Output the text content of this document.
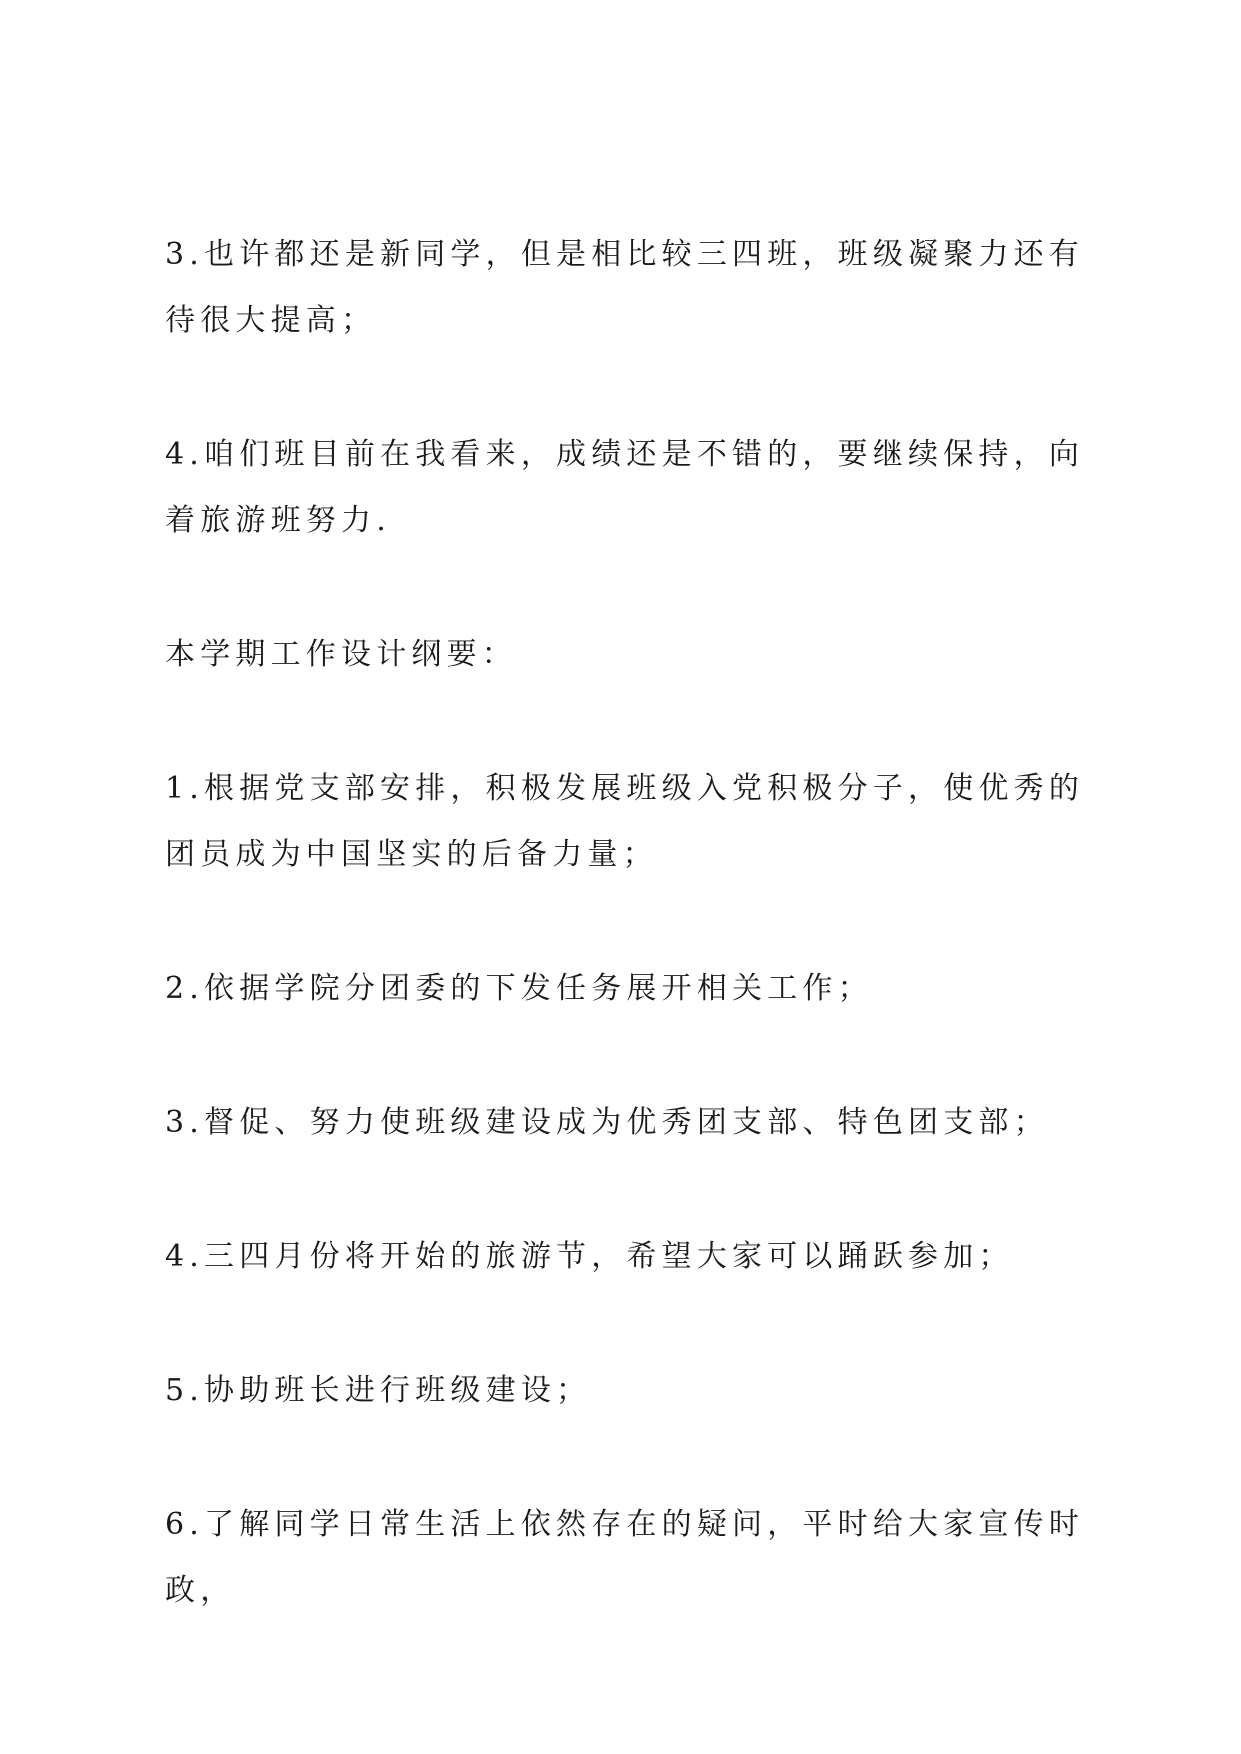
3.也许都还是新同学，但是相比较三四班，班级凝聚力还有待很大提高；

4.咱们班目前在我看来，成绩还是不错的，要继续保持，向着旅游班努力.

本学期工作设计纲要：

1.根据党支部安排，积极发展班级入党积极分子，使优秀的团员成为中国坚实的后备力量；

2.依据学院分团委的下发任务展开相关工作；

3.督促、努力使班级建设成为优秀团支部、特色团支部；

4.三四月份将开始的旅游节，希望大家可以踊跃参加；

5.协助班长进行班级建设；

6.了解同学日常生活上依然存在的疑问，平时给大家宣传时政，
